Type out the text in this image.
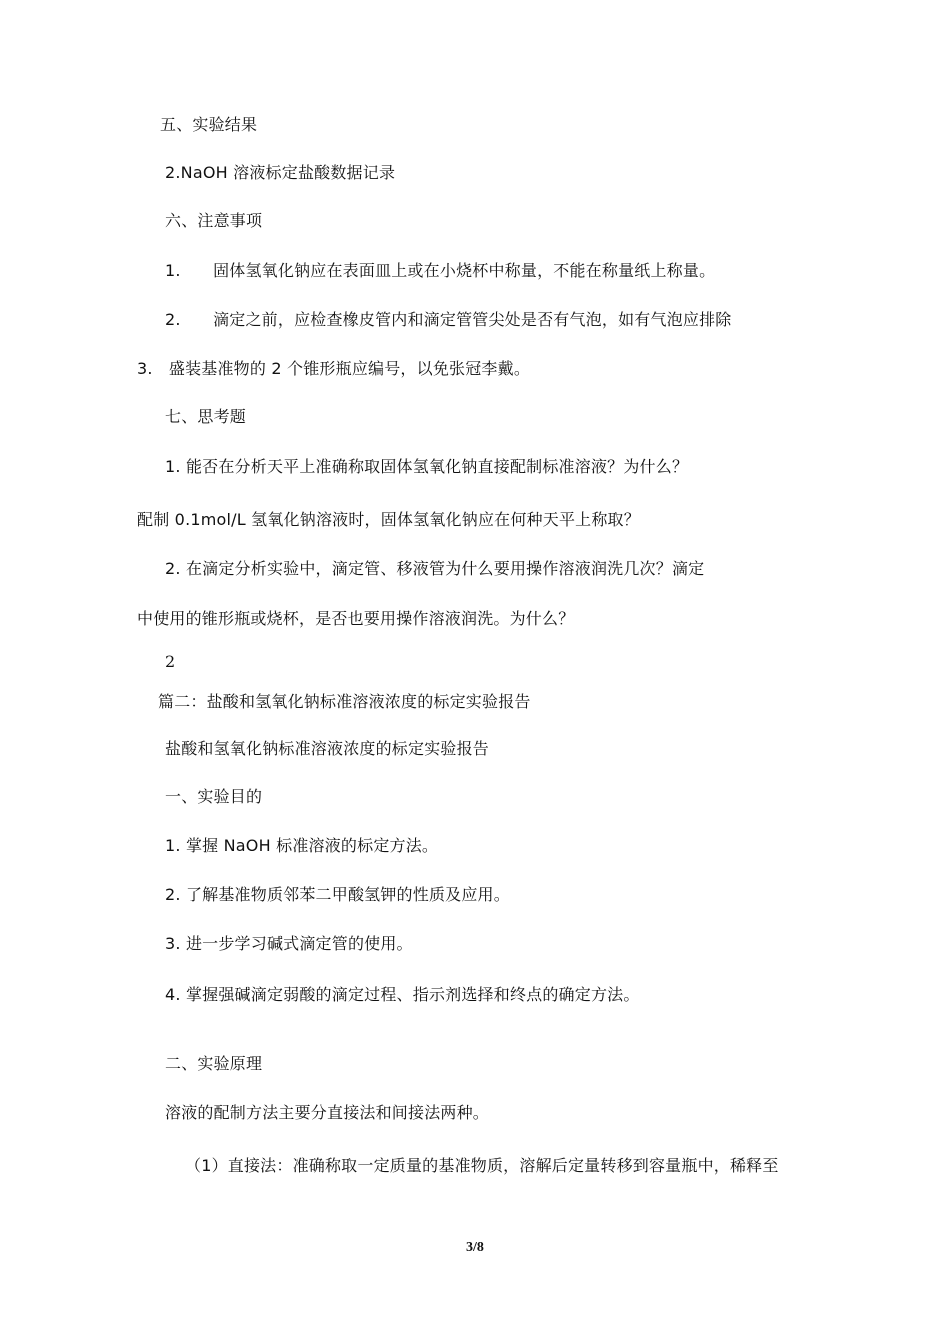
五、实验结果
2.NaOH 溶液标定盐酸数据记录
六、注意事项
1.　　固体氢氧化钠应在表面皿上或在小烧杯中称量，不能在称量纸上称量。
2.　　滴定之前，应检查橡皮管内和滴定管管尖处是否有气泡，如有气泡应排除
3.　盛装基准物的 2 个锥形瓶应编号，以免张冠李戴。
七、思考题
1. 能否在分析天平上准确称取固体氢氧化钠直接配制标准溶液？为什么？
配制 0.1mol/L 氢氧化钠溶液时，固体氢氧化钠应在何种天平上称取？
2. 在滴定分析实验中，滴定管、移液管为什么要用操作溶液润洗几次？滴定
中使用的锥形瓶或烧杯，是否也要用操作溶液润洗。为什么？
2
篇二：盐酸和氢氧化钠标准溶液浓度的标定实验报告
盐酸和氢氧化钠标准溶液浓度的标定实验报告
一、实验目的
1. 掌握 NaOH 标准溶液的标定方法。
2. 了解基准物质邻苯二甲酸氢钾的性质及应用。
3. 进一步学习碱式滴定管的使用。
4. 掌握强碱滴定弱酸的滴定过程、指示剂选择和终点的确定方法。
二、实验原理
溶液的配制方法主要分直接法和间接法两种。
（1）直接法：准确称取一定质量的基准物质，溶解后定量转移到容量瓶中，稀释至
3/8
